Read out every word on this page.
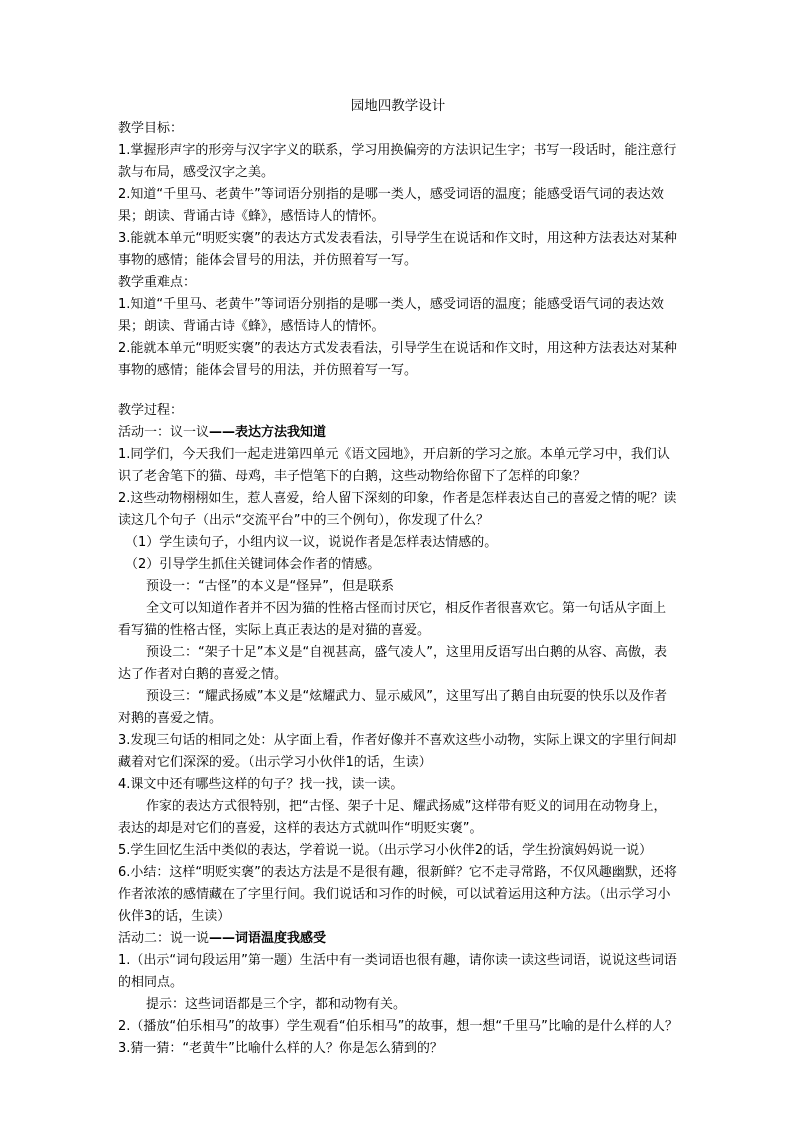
园地四教学设计

教学目标：

1.掌握形声字的形旁与汉字字义的联系，学习用换偏旁的方法识记生字；书写一段话时，能注意行款与布局，感受汉字之美。

2.知道“千里马、老黄牛”等词语分别指的是哪一类人，感受词语的温度；能感受语气词的表达效果；朗读、背诵古诗《蜂》，感悟诗人的情怀。

3.能就本单元“明贬实褒”的表达方式发表看法，引导学生在说话和作文时，用这种方法表达对某种事物的感情；能体会冒号的用法，并仿照着写一写。

教学重难点：

1.知道“千里马、老黄牛”等词语分别指的是哪一类人，感受词语的温度；能感受语气词的表达效果；朗读、背诵古诗《蜂》，感悟诗人的情怀。

2.能就本单元“明贬实褒”的表达方式发表看法，引导学生在说话和作文时，用这种方法表达对某种事物的感情；能体会冒号的用法，并仿照着写一写。

教学过程：

活动一：议一议——表达方法我知道

1.同学们，今天我们一起走进第四单元《语文园地》，开启新的学习之旅。本单元学习中，我们认识了老舍笔下的猫、母鸡，丰子恺笔下的白鹅，这些动物给你留下了怎样的印象？

2.这些动物栩栩如生，惹人喜爱，给人留下深刻的印象，作者是怎样表达自己的喜爱之情的呢？读读这几个句子（出示“交流平台”中的三个例句），你发现了什么？

（1）学生读句子，小组内议一议，说说作者是怎样表达情感的。

（2）引导学生抓住关键词体会作者的情感。

预设一：“古怪”的本义是“怪异”，但是联系

全文可以知道作者并不因为猫的性格古怪而讨厌它，相反作者很喜欢它。第一句话从字面上看写猫的性格古怪，实际上真正表达的是对猫的喜爱。

预设二：“架子十足”本义是“自视甚高，盛气凌人”，这里用反语写出白鹅的从容、高傲，表达了作者对白鹅的喜爱之情。

预设三：“耀武扬威”本义是“炫耀武力、显示威风”，这里写出了鹅自由玩耍的快乐以及作者对鹅的喜爱之情。

3.发现三句话的相同之处：从字面上看，作者好像并不喜欢这些小动物，实际上课文的字里行间却藏着对它们深深的爱。（出示学习小伙伴1的话，生读）

4.课文中还有哪些这样的句子？找一找，读一读。

作家的表达方式很特别，把“古怪、架子十足、耀武扬威”这样带有贬义的词用在动物身上，表达的却是对它们的喜爱，这样的表达方式就叫作“明贬实褒”。

5.学生回忆生活中类似的表达，学着说一说。（出示学习小伙伴2的话，学生扮演妈妈说一说）

6.小结：这样“明贬实褒”的表达方法是不是很有趣，很新鲜？它不走寻常路，不仅风趣幽默，还将作者浓浓的感情藏在了字里行间。我们说话和习作的时候，可以试着运用这种方法。（出示学习小伙伴3的话，生读）

活动二：说一说——词语温度我感受

1.（出示“词句段运用”第一题）生活中有一类词语也很有趣，请你读一读这些词语，说说这些词语的相同点。

提示：这些词语都是三个字，都和动物有关。

2.（播放“伯乐相马”的故事）学生观看“伯乐相马”的故事，想一想“千里马”比喻的是什么样的人？

3.猜一猜：“老黄牛”比喻什么样的人？你是怎么猜到的？
